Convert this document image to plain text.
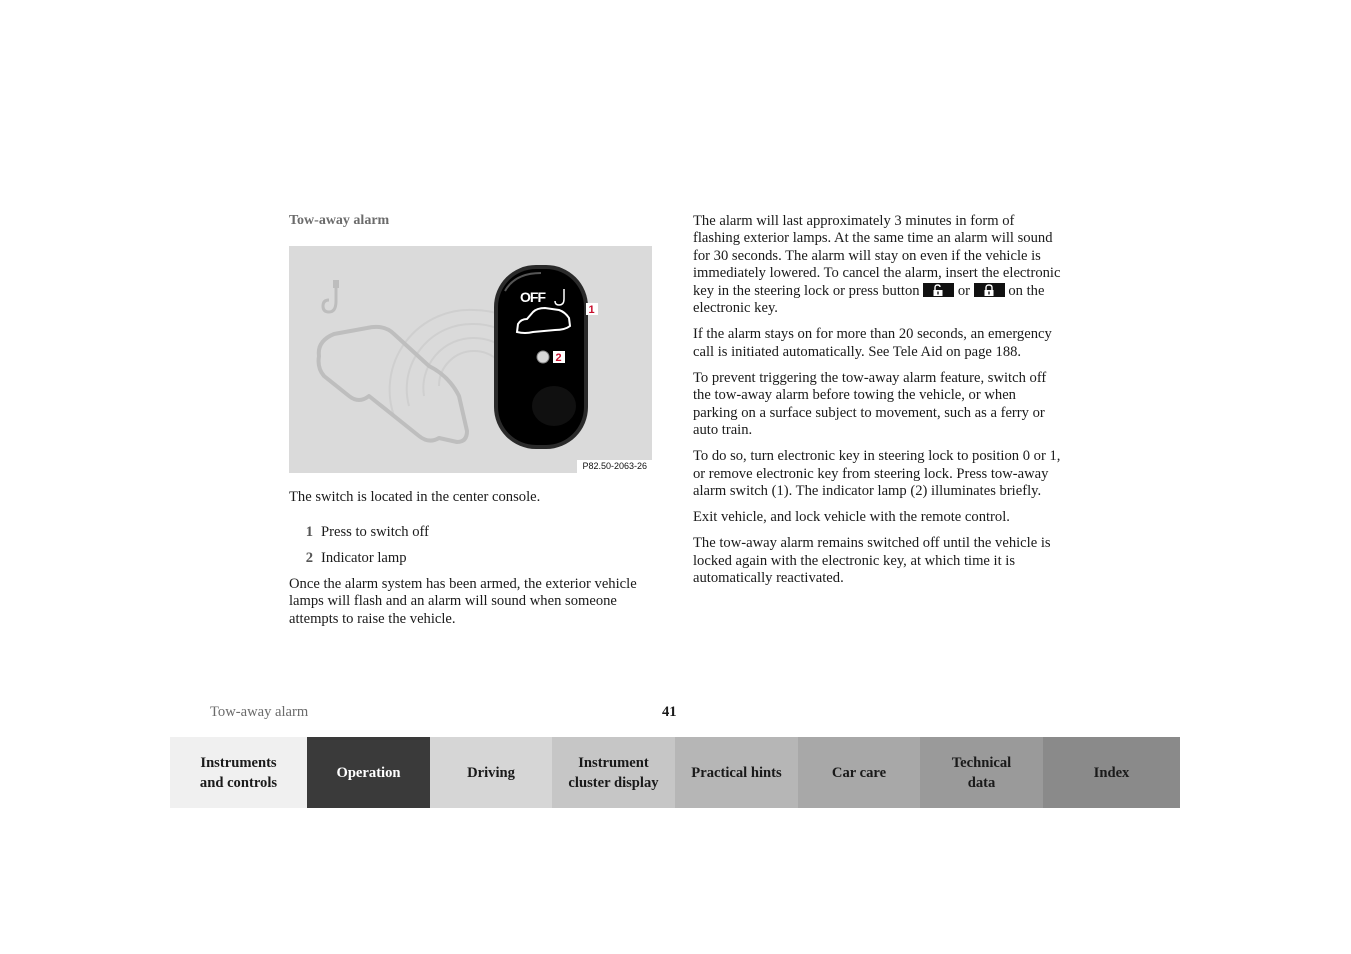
Tow-away alarm
OFF
1
2
P82.50-2063-26

The switch is located in the center console.

1 Press to switch off
2 Indicator lamp

Once the alarm system has been armed, the exterior vehicle lamps will flash and an alarm will sound when someone attempts to raise the vehicle.

The alarm will last approximately 3 minutes in form of flashing exterior lamps. At the same time an alarm will sound for 30 seconds. The alarm will stay on even if the vehicle is immediately lowered. To cancel the alarm, insert the electronic key in the steering lock or press button	or	on the electronic key.

If the alarm stays on for more than 20 seconds, an emergency call is initiated automatically. See Tele Aid on page 188.

To prevent triggering the tow-away alarm feature, switch off the tow-away alarm before towing the vehicle, or when parking on a surface subject to movement, such as a ferry or auto train.

To do so, turn electronic key in steering lock to position 0 or 1, or remove electronic key from steering lock. Press tow-away alarm switch (1). The indicator lamp (2) illuminates briefly.

Exit vehicle, and lock vehicle with the remote control.

The tow-away alarm remains switched off until the vehicle is locked again with the electronic key, at which time it is automatically reactivated.

Tow-away alarm	41
Instruments
and controls
Operation	Driving
Instrument
cluster display
Practical hints	Car care
Technical
data
Index
